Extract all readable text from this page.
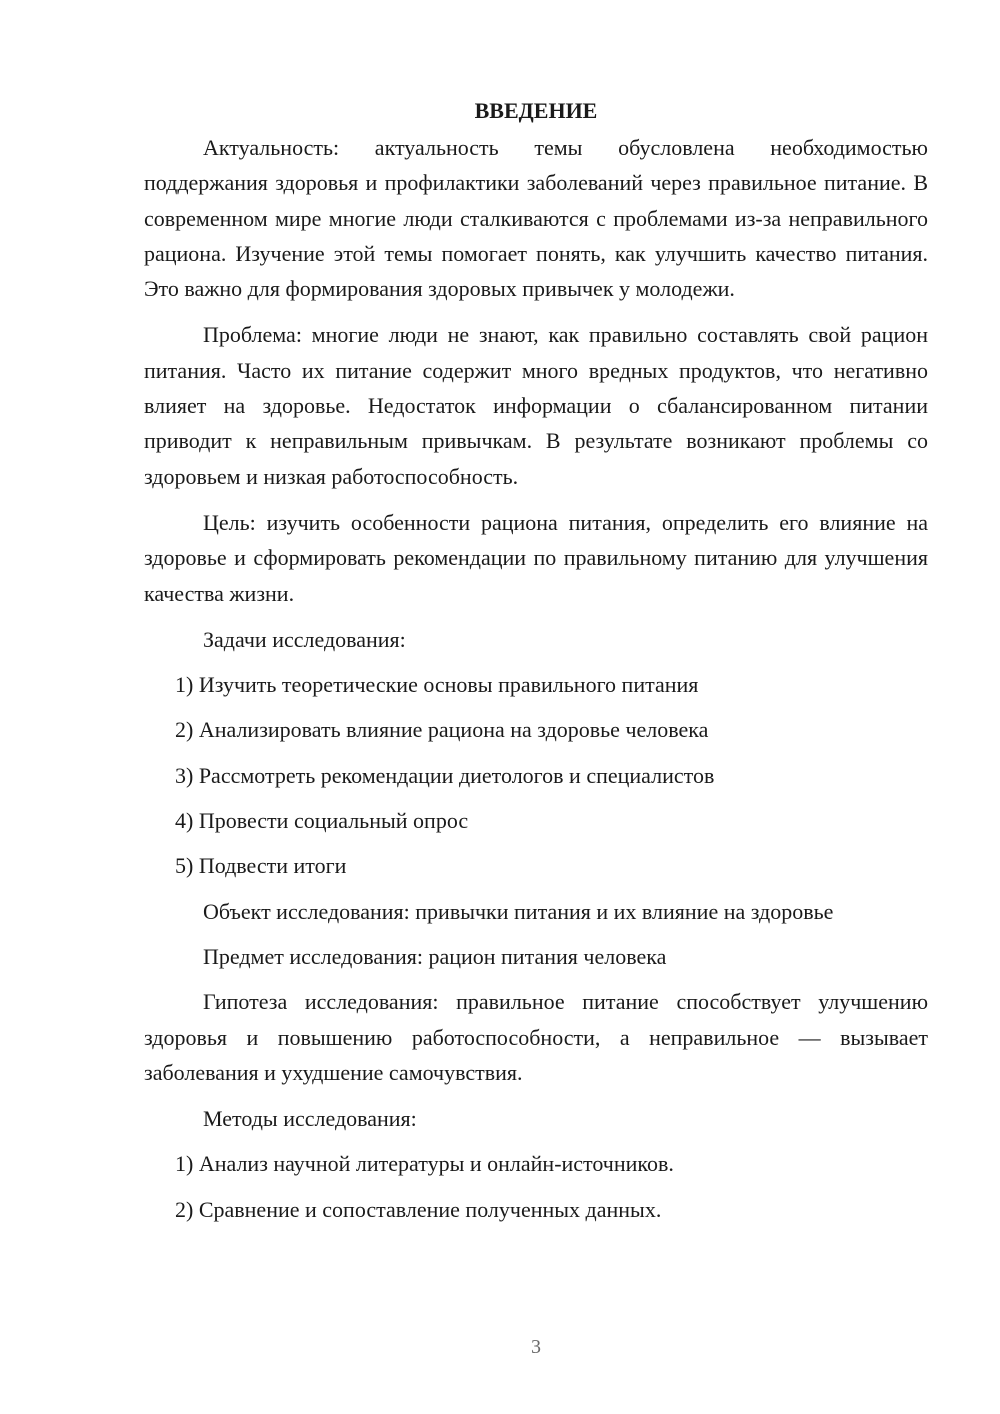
ВВЕДЕНИЕ

Актуальность: актуальность темы обусловлена необходимостью поддержания здоровья и профилактики заболеваний через правильное питание. В современном мире многие люди сталкиваются с проблемами из-за неправильного рациона. Изучение этой темы помогает понять, как улучшить качество питания. Это важно для формирования здоровых привычек у молодежи.

Проблема: многие люди не знают, как правильно составлять свой рацион питания. Часто их питание содержит много вредных продуктов, что негативно влияет на здоровье. Недостаток информации о сбалансированном питании приводит к неправильным привычкам. В результате возникают проблемы со здоровьем и низкая работоспособность.

Цель: изучить особенности рациона питания, определить его влияние на здоровье и сформировать рекомендации по правильному питанию для улучшения качества жизни.

Задачи исследования:
1) Изучить теоретические основы правильного питания
2) Анализировать влияние рациона на здоровье человека
3) Рассмотреть рекомендации диетологов и специалистов
4) Провести социальный опрос
5) Подвести итоги
Объект исследования: привычки питания и их влияние на здоровье
Предмет исследования: рацион питания человека

Гипотеза исследования: правильное питание способствует улучшению здоровья и повышению работоспособности, а неправильное — вызывает заболевания и ухудшение самочувствия.

Методы исследования:
1) Анализ научной литературы и онлайн-источников.
2) Сравнение и сопоставление полученных данных.
3
